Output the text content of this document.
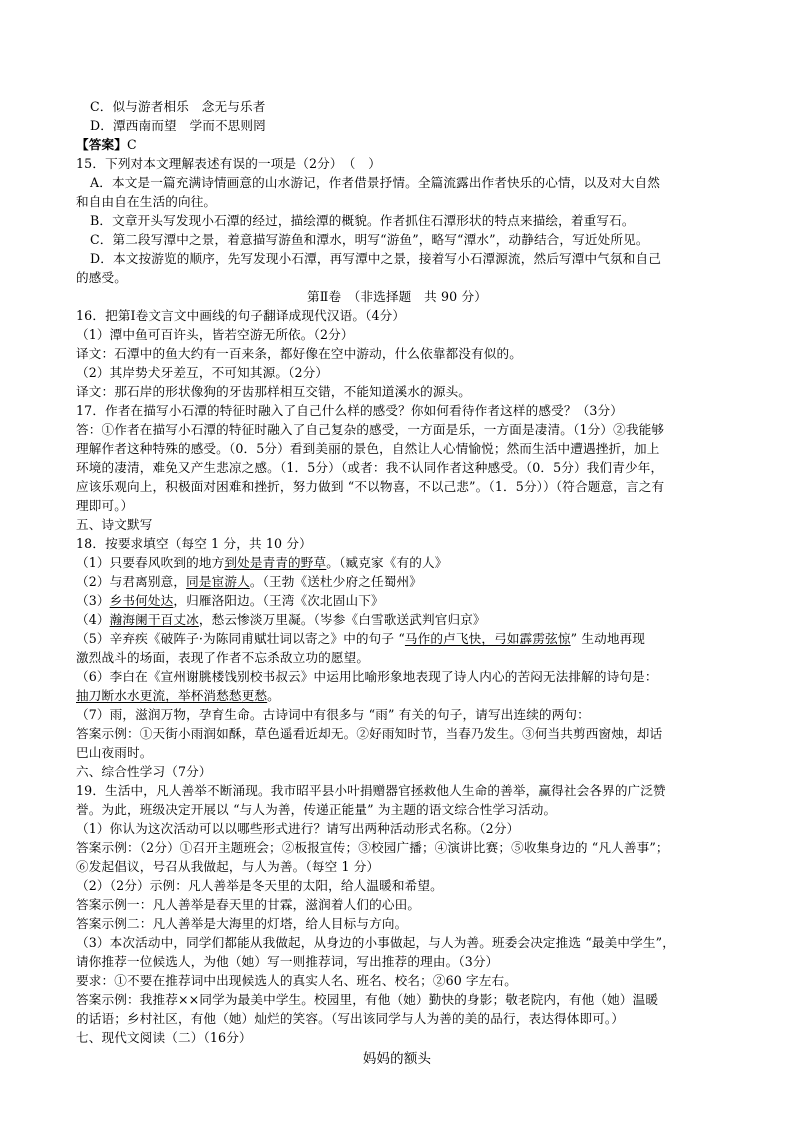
C．似与游者相乐　念无与乐者
D．潭西南而望　学而不思则罔
【答案】C
15．下列对本文理解表述有误的一项是（2分）　（　）
A．本文是一篇充满诗情画意的山水游记，作者借景抒情。全篇流露出作者快乐的心情，以及对大自然
和自由自在生活的向往。
B．文章开头写发现小石潭的经过，描绘潭的概貌。作者抓住石潭形状的特点来描绘，着重写石。
C．第二段写潭中之景，着意描写游鱼和潭水，明写“游鱼”，略写“潭水”，动静结合，写近处所见。
D．本文按游览的顺序，先写发现小石潭，再写潭中之景，接着写小石潭源流，然后写潭中气氛和自己
的感受。
第Ⅱ卷　（非选择题　共 90 分）
16．把第Ⅰ卷文言文中画线的句子翻译成现代汉语。（4分）
（1）潭中鱼可百许头，皆若空游无所依。（2分）
译文：石潭中的鱼大约有一百来条，都好像在空中游动，什么依靠都没有似的。
（2）其岸势犬牙差互，不可知其源。（2分）
译文：那石岸的形状像狗的牙齿那样相互交错，不能知道溪水的源头。
17．作者在描写小石潭的特征时融入了自己什么样的感受？你如何看待作者这样的感受？（3分）
答：①作者在描写小石潭的特征时融入了自己复杂的感受，一方面是乐，一方面是凄清。（1分）②我能够
理解作者这种特殊的感受。（0．5分）看到美丽的景色，自然让人心情愉悦；然而生活中遭遇挫折，加上
环境的凄清，难免又产生悲凉之感。（1．5分）（或者：我不认同作者这种感受。（0．5分）我们青少年，
应该乐观向上，积极面对困难和挫折，努力做到 “不以物喜，不以己悲”。（1．5分））（符合题意，言之有
理即可。）
五、诗文默写
18．按要求填空（每空 1 分，共 10 分）
（1）只要春风吹到的地方到处是青青的野草。（臧克家《有的人》
（2）与君离别意，同是宦游人。（王勃《送杜少府之任蜀州》
（3）乡书何处达，归雁洛阳边。（王湾《次北固山下》
（4）瀚海阑干百丈冰，愁云惨淡万里凝。（岑参《白雪歌送武判官归京》
（5）辛弃疾《破阵子·为陈同甫赋壮词以寄之》中的句子 “马作的卢飞快，弓如霹雳弦惊” 生动地再现
激烈战斗的场面，表现了作者不忘杀敌立功的愿望。
（6）李白在《宣州谢朓楼饯别校书叔云》中运用比喻形象地表现了诗人内心的苦闷无法排解的诗句是：
抽刀断水水更流，举杯消愁愁更愁。
（7）雨，滋润万物，孕育生命。古诗词中有很多与 “雨” 有关的句子，请写出连续的两句：
答案示例：①天街小雨润如酥，草色遥看近却无。②好雨知时节，当春乃发生。③何当共剪西窗烛，却话
巴山夜雨时。
六、综合性学习（7分）
19．生活中，凡人善举不断涌现。我市昭平县小叶捐赠器官拯救他人生命的善举，赢得社会各界的广泛赞
誉。为此，班级决定开展以 “与人为善，传递正能量” 为主题的语文综合性学习活动。
（1）你认为这次活动可以以哪些形式进行？请写出两种活动形式名称。（2分）
答案示例：（2分）①召开主题班会；②板报宣传；③校园广播；④演讲比赛；⑤收集身边的 “凡人善事”；
⑥发起倡议，号召从我做起，与人为善。（每空 1 分）
（2）（2分）示例：凡人善举是冬天里的太阳，给人温暖和希望。
答案示例一：凡人善举是春天里的甘霖，滋润着人们的心田。
答案示例二：凡人善举是大海里的灯塔，给人目标与方向。
（3）本次活动中，同学们都能从我做起，从身边的小事做起，与人为善。班委会决定推选 “最美中学生”，
请你推荐一位候选人，为他（她）写一则推荐词，写出推荐的理由。（3分）
要求：①不要在推荐词中出现候选人的真实人名、班名、校名；②60 字左右。
答案示例：我推荐××同学为最美中学生。校园里，有他（她）勤快的身影；敬老院内，有他（她）温暖
的话语；乡村社区，有他（她）灿烂的笑容。（写出该同学与人为善的美的品行，表达得体即可。）
七、现代文阅读（二）（16分）
妈妈的额头
